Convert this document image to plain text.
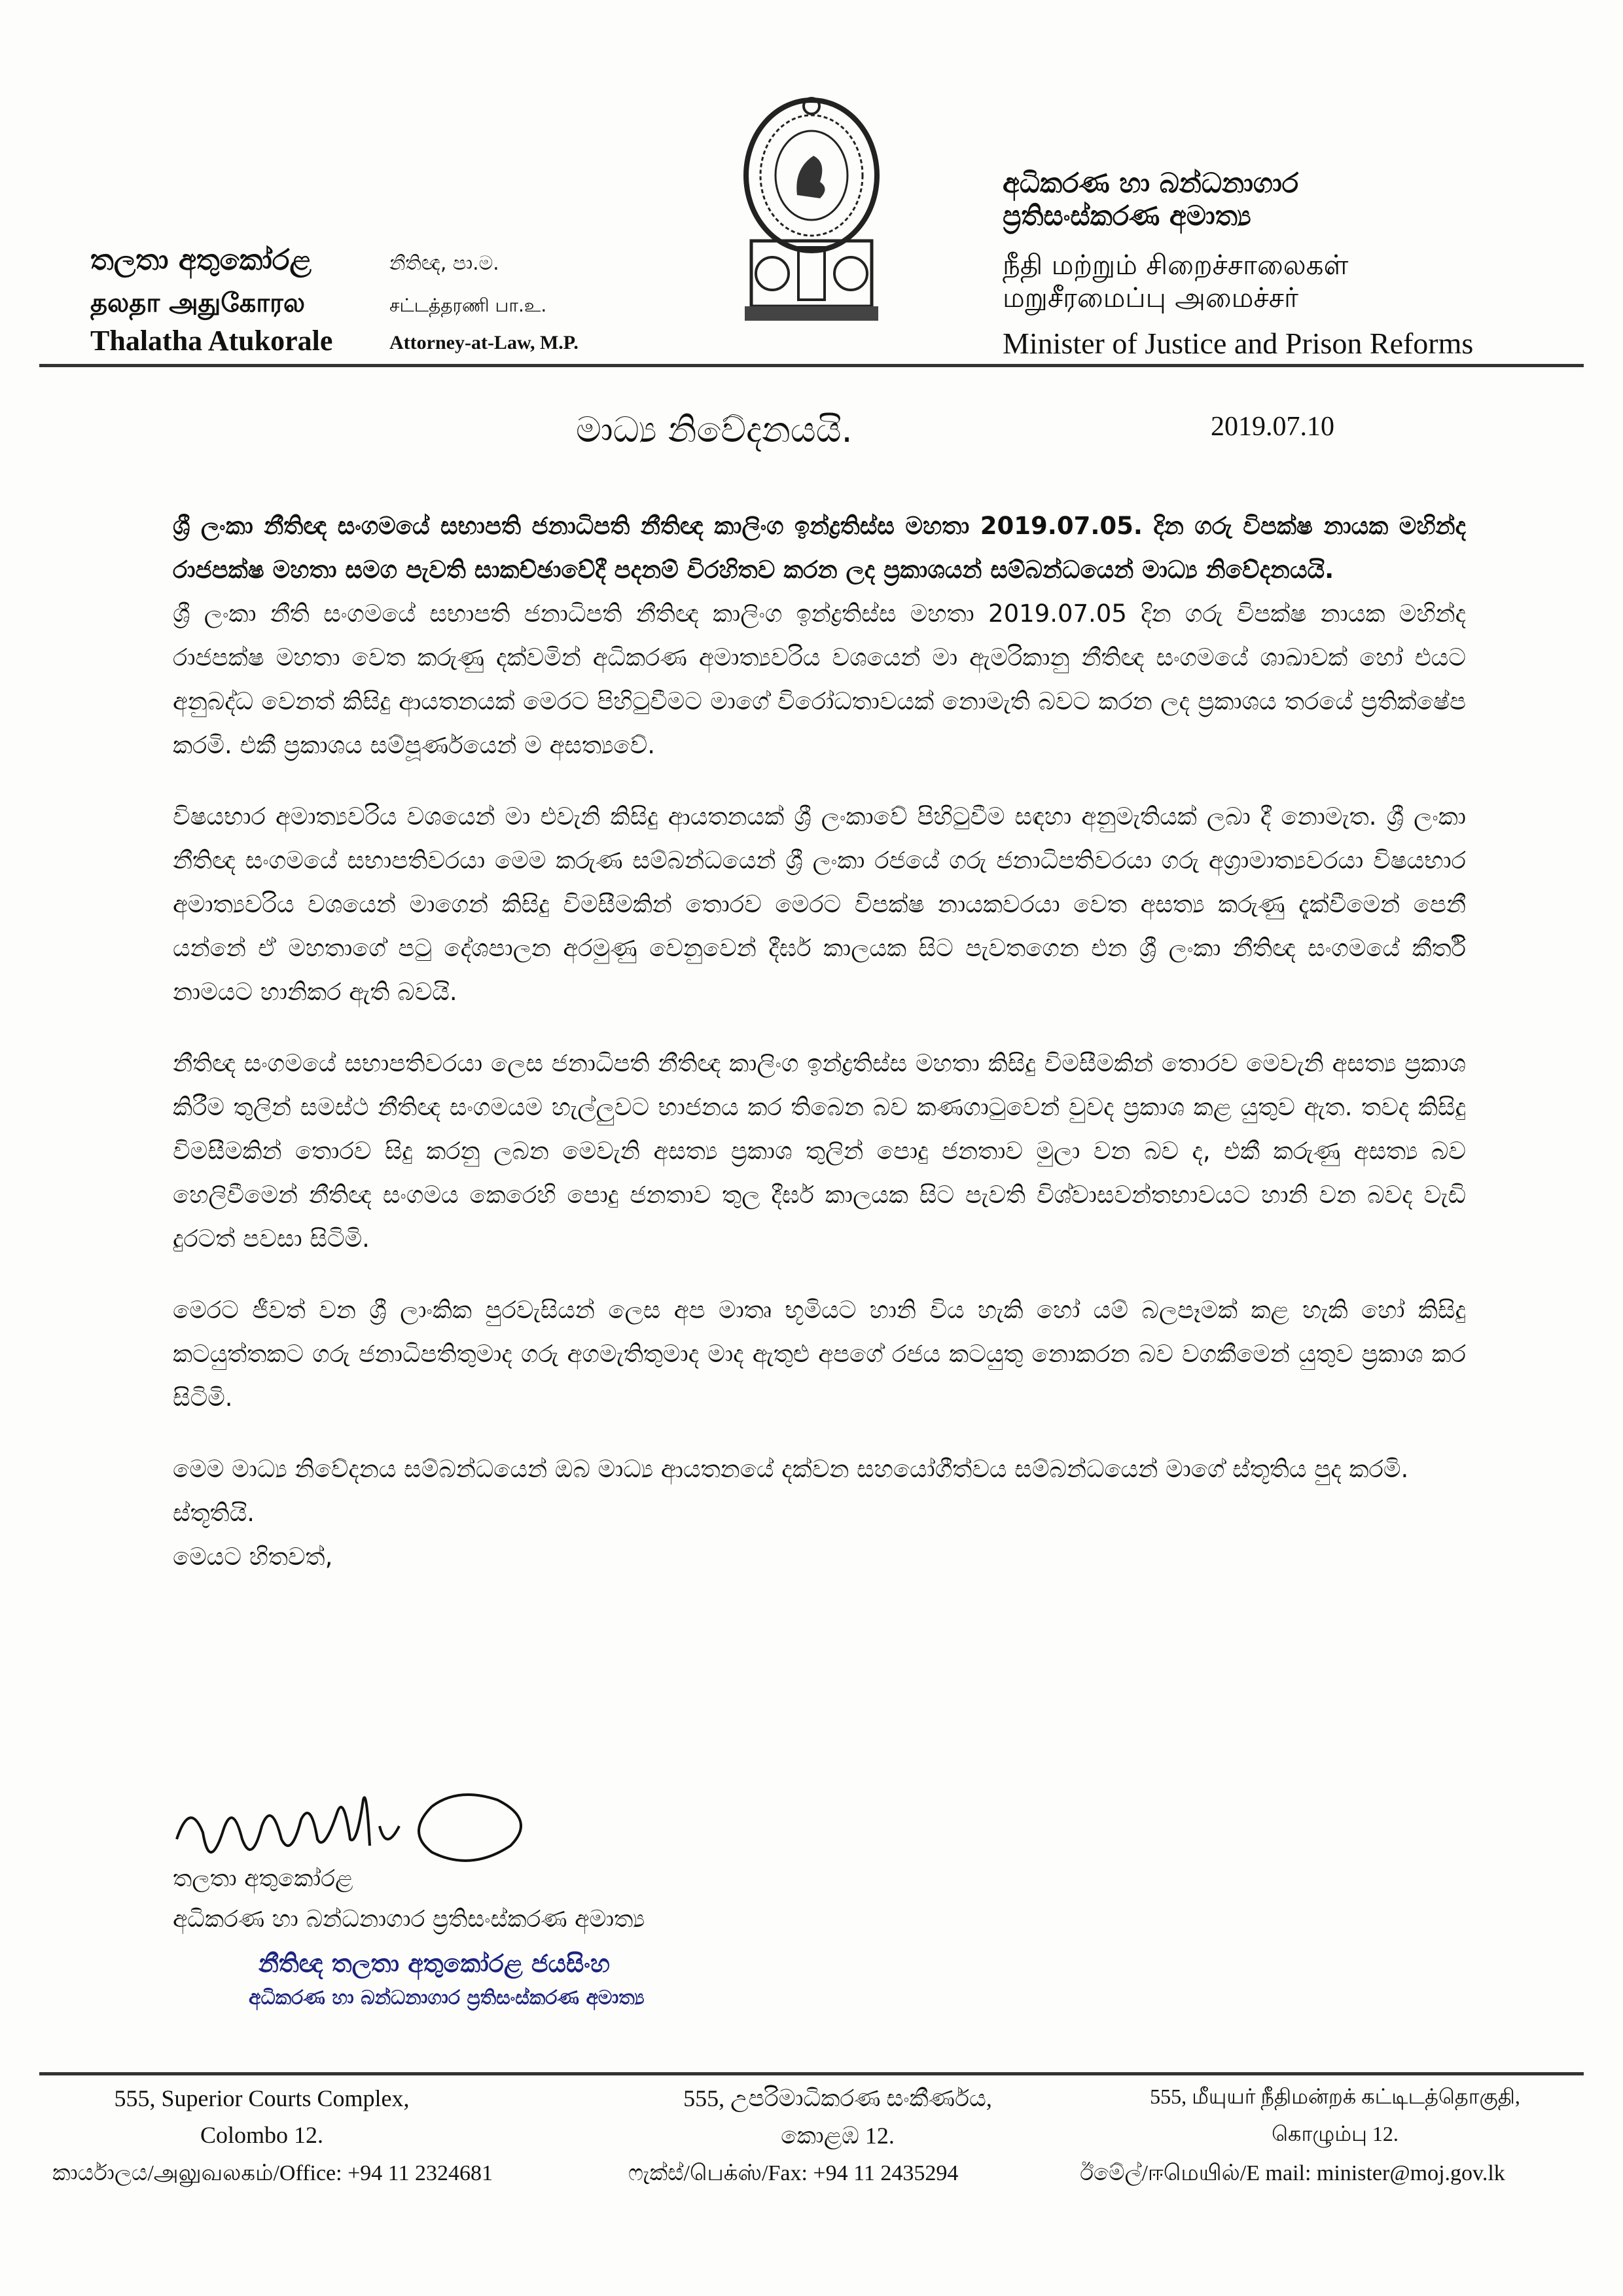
තලතා අතුකෝරළ	නීතිඥ, පා.ම.
தலதா அதுகோரல	சட்டத்தரணி பா.உ.
Thalatha Atukorale	Attorney-at-Law, M.P.
අධිකරණ හා බන්ධනාගාර
ප්‍රතිසංස්කරණ අමාත්‍ය
நீதி மற்றும் சிறைச்சாலைகள்
மறுசீரமைப்பு அமைச்சர்
Minister of Justice and Prison Reforms
මාධ්‍ය නිවේදනයයි.	2019.07.10

ශ්‍රී ලංකා නීතිඥ සංගමයේ සභාපති ජනාධිපති නීතිඥ කාලිංග ඉන්ද්‍රතිස්ස මහතා 2019.07.05. දින ගරු විපක්ෂ නායක මහින්ද රාජපක්ෂ මහතා සමග පැවති සාකච්ඡාවේදී පදනම් විරහිතව කරන ලද ප්‍රකාශයන් සම්බන්ධයෙන් මාධ්‍ය නිවේදනයයි.

ශ්‍රී ලංකා නීති සංගමයේ සභාපති ජනාධිපති නීතිඥ කාලිංග ඉන්ද්‍රතිස්ස මහතා 2019.07.05 දින ගරු විපක්ෂ නායක මහින්ද රාජපක්ෂ මහතා වෙත කරුණු දක්වමින් අධිකරණ අමාත්‍යවරිය වශයෙන් මා ඇමරිකානු නීතිඥ සංගමයේ ශාඛාවක් හෝ එයට අනුබද්ධ වෙනත් කිසිදු ආයතනයක් මෙරට පිහිටුවීමට මාගේ විරෝධතාවයක් නොමැති බවට කරන ලද ප්‍රකාශය තරයේ ප්‍රතික්ෂේප කරමි. එකී ප්‍රකාශය සම්පූර්ණයෙන් ම අසත්‍යවේ.

විෂයභාර අමාත්‍යවරිය වශයෙන් මා එවැනි කිසිදු ආයතනයක් ශ්‍රී ලංකාවේ පිහිටුවීම සඳහා අනුමැතියක් ලබා දී නොමැත. ශ්‍රී ලංකා නීතිඥ සංගමයේ සභාපතිවරයා මෙම කරුණ සම්බන්ධයෙන් ශ්‍රී ලංකා රජයේ ගරු ජනාධිපතිවරයා ගරු අග්‍රාමාත්‍යවරයා විෂයභාර අමාත්‍යවරිය වශයෙන් මාගෙන් කිසිදු විමසීමකින් තොරව මෙරට විපක්ෂ නායකවරයා වෙත අසත්‍ය කරුණු දැක්වීමෙන් පෙනී යන්නේ ඒ මහතාගේ පටු දේශපාලන අරමුණු වෙනුවෙන් දීර්ඝ කාලයක සිට පැවතගෙන එන ශ්‍රී ලංකා නීතිඥ සංගමයේ කීර්ති නාමයට හානිකර ඇති බවයි.

නීතිඥ සංගමයේ සභාපතිවරයා ලෙස ජනාධිපති නීතිඥ කාලිංග ඉන්ද්‍රතිස්ස මහතා කිසිදු විමසීමකින් තොරව මෙවැනි අසත්‍ය ප්‍රකාශ කිරීම තුලින් සමස්ථ නීතිඥ සංගමයම හැල්ලුවට භාජනය කර තිබෙන බව කණගාටුවෙන් වුවද ප්‍රකාශ කළ යුතුව ඇත. තවද කිසිදු විමසීමකින් තොරව සිදු කරනු ලබන මෙවැනි අසත්‍ය ප්‍රකාශ තුලින් පොදු ජනතාව මුලා වන බව ද, එකී කරුණු අසත්‍ය බව හෙලිවීමෙන් නීතිඥ සංගමය කෙරෙහි පොදු ජනතාව තුල දීර්ඝ කාලයක සිට පැවති විශ්වාසවන්තභාවයට හානි වන බවද වැඩි දුරටත් පවසා සිටිමි.

මෙරට ජීවත් වන ශ්‍රී ලාංකික පුරවැසියන් ලෙස අප මාතෘ භූමියට හානි විය හැකි හෝ යම් බලපෑමක් කළ හැකි හෝ කිසිදු කටයුත්තකට ගරු ජනාධිපතිතුමාද ගරු අගමැතිතුමාද මාද ඇතුළු අපගේ රජය කටයුතු නොකරන බව වගකීමෙන් යුතුව ප්‍රකාශ කර සිටිමි.

මෙම මාධ්‍ය නිවේදනය සම්බන්ධයෙන් ඔබ මාධ්‍ය ආයතනයේ දක්වන සහයෝගීත්වය සම්බන්ධයෙන් මාගේ ස්තූතිය පුද කරමි.

ස්තූතියි.

මෙයට හිතවත්,

තලතා අතුකෝරළ
අධිකරණ හා බන්ධනාගාර ප්‍රතිසංස්කරණ අමාත්‍ය
නීතිඥ තලතා අතුකෝරළ ජයසිංහ
අධිකරණ හා බන්ධනාගාර ප්‍රතිසංස්කරණ අමාත්‍ය
555, Superior Courts Complex,
Colombo 12.
කාර්යාලය/அலுவலகம்/Office: +94 11 2324681
555, උපරිමාධිකරණ සංකීර්ණය,
කොළඹ 12.
ෆැක්ස්/பெக்ஸ்/Fax: +94 11 2435294
555, மீயுயர் நீதிமன்றக் கட்டிடத்தொகுதி,
கொழும்பு 12.
ඊමේල්/ஈமெயில்/E mail: minister@moj.gov.lk
